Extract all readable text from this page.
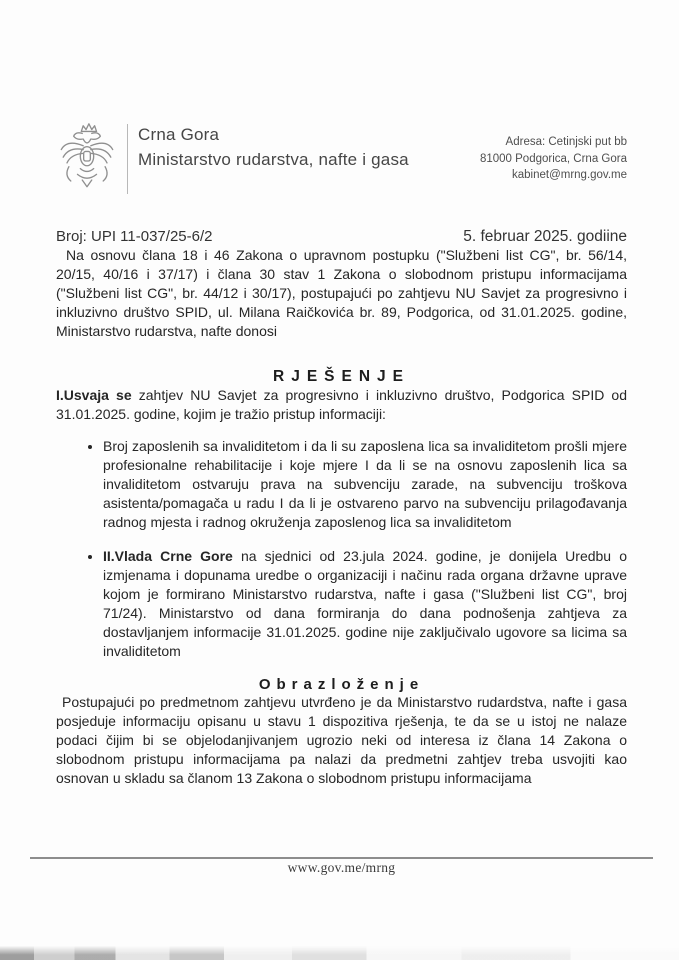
Crna Gora
Ministarstvo rudarstva, nafte i gasa
Adresa: Cetinjski put bb
81000 Podgorica, Crna Gora
kabinet@mrng.gov.me
Broj: UPI 11-037/25-6/2	5. februar 2025. godiine

Na osnovu člana 18 i 46 Zakona o upravnom postupku ("Službeni list CG", br. 56/14, 20/15, 40/16 i 37/17) i člana 30 stav 1 Zakona o slobodnom pristupu informacijama ("Službeni list CG", br. 44/12 i 30/17), postupajući po zahtjevu NU Savjet za progresivno i inkluzivno društvo SPID, ul. Milana Raičkovića br. 89, Podgorica, od 31.01.2025. godine, Ministarstvo rudarstva, nafte donosi

RJEŠENJE

I.Usvaja se zahtjev NU Savjet za progresivno i inkluzivno društvo, Podgorica SPID od 31.01.2025. godine, kojim je tražio pristup informaciji:

• Broj zaposlenih sa invaliditetom i da li su zaposlena lica sa invaliditetom prošli mjere profesionalne rehabilitacije i koje mjere I da li se na osnovu zaposlenih lica sa invaliditetom ostvaruju prava na subvenciju zarade, na subvenciju troškova asistenta/pomagača u radu I da li je ostvareno parvo na subvenciju prilagođavanja radnog mjesta i radnog okruženja zaposlenog lica sa invaliditetom
• II.Vlada Crne Gore na sjednici od 23.jula 2024. godine, je donijela Uredbu o izmjenama i dopunama uredbe o organizaciji i načinu rada organa državne uprave kojom je formirano Ministarstvo rudarstva, nafte i gasa ("Službeni list CG", broj 71/24). Ministarstvo od dana formiranja do dana podnošenja zahtjeva za dostavljanjem informacije 31.01.2025. godine nije zaključivalo ugovore sa licima sa invaliditetom
Obrazloženje

Postupajući po predmetnom zahtjevu utvrđeno je da Ministarstvo rudardstva, nafte i gasa posjeduje informaciju opisanu u stavu 1 dispozitiva rješenja, te da se u istoj ne nalaze podaci čijim bi se objelodanjivanjem ugrozio neki od interesa iz člana 14 Zakona o slobodnom pristupu informacijama pa nalazi da predmetni zahtjev treba usvojiti kao osnovan u skladu sa članom 13 Zakona o slobodnom pristupu informacijama

www.gov.me/mrng
